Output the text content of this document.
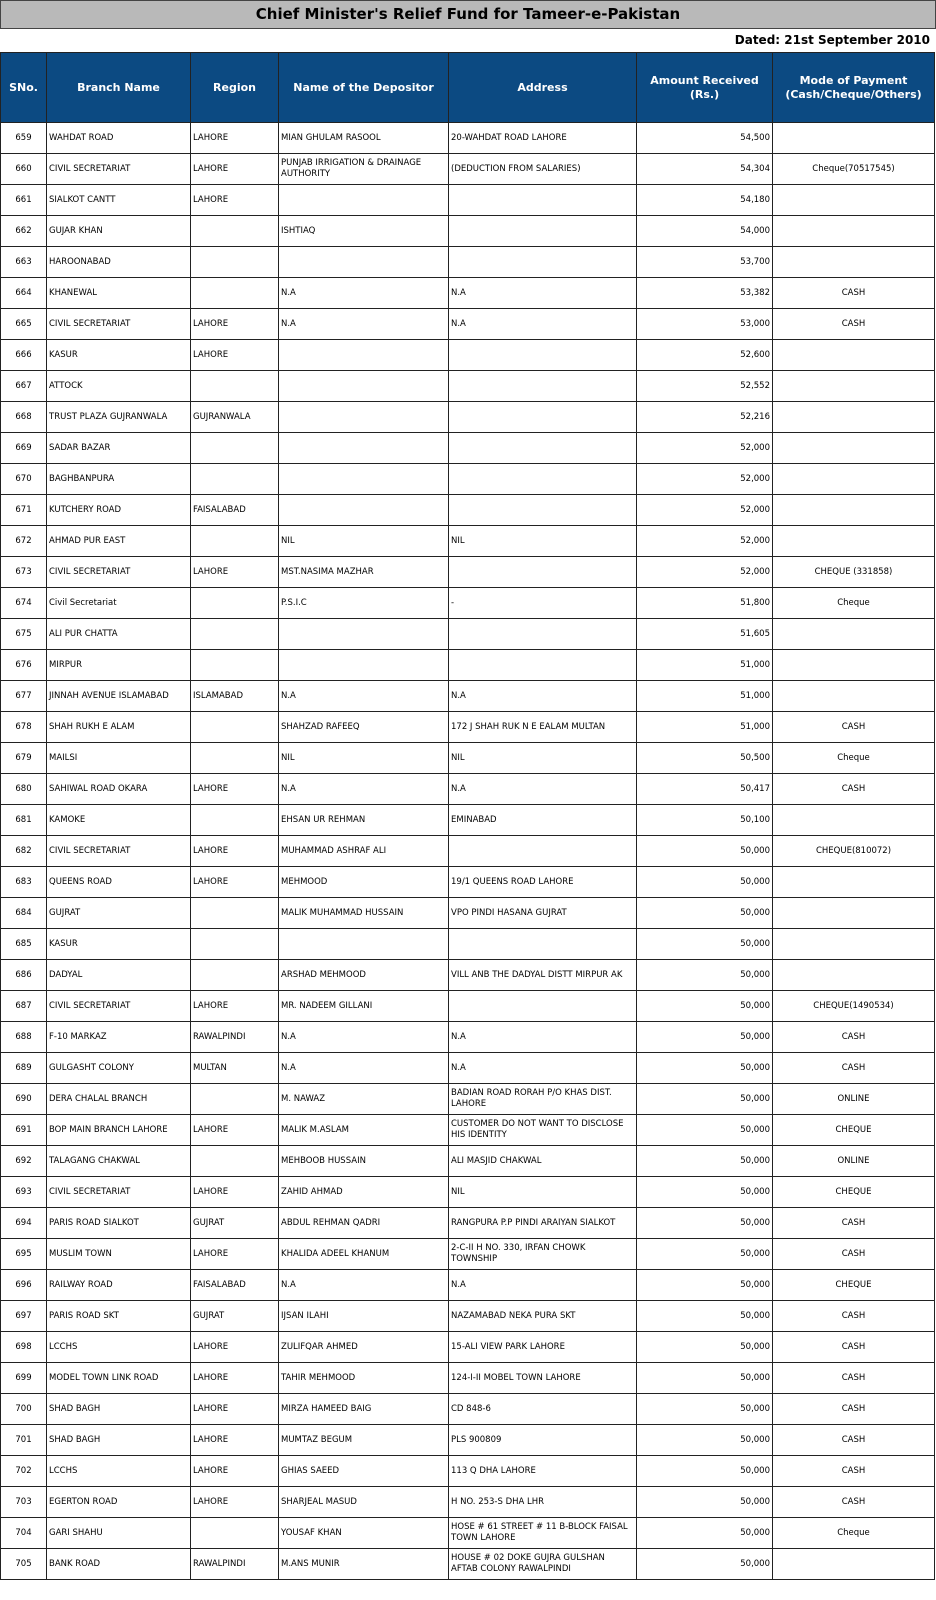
Chief Minister's Relief Fund for Tameer-e-Pakistan
Dated: 21st September 2010
SNo.	Branch Name	Region	Name of the Depositor	Address	Amount Received (Rs.)	Mode of Payment (Cash/Cheque/Others)
659	WAHDAT ROAD	LAHORE	MIAN GHULAM RASOOL	20-WAHDAT ROAD LAHORE	54,500	
660	CIVIL SECRETARIAT	LAHORE	PUNJAB IRRIGATION & DRAINAGE AUTHORITY	(DEDUCTION FROM SALARIES)	54,304	Cheque(70517545)
661	SIALKOT CANTT	LAHORE			54,180	
662	GUJAR KHAN		ISHTIAQ		54,000	
663	HAROONABAD				53,700	
664	KHANEWAL		N.A	N.A	53,382	CASH
665	CIVIL SECRETARIAT	LAHORE	N.A	N.A	53,000	CASH
666	KASUR	LAHORE			52,600	
667	ATTOCK				52,552	
668	TRUST PLAZA GUJRANWALA	GUJRANWALA			52,216	
669	SADAR BAZAR				52,000	
670	BAGHBANPURA				52,000	
671	KUTCHERY ROAD	FAISALABAD			52,000	
672	AHMAD PUR EAST		NIL	NIL	52,000	
673	CIVIL SECRETARIAT	LAHORE	MST.NASIMA MAZHAR		52,000	CHEQUE (331858)
674	Civil Secretariat		P.S.I.C	-	51,800	Cheque
675	ALI PUR CHATTA				51,605	
676	MIRPUR				51,000	
677	JINNAH AVENUE ISLAMABAD	ISLAMABAD	N.A	N.A	51,000	
678	SHAH RUKH E ALAM		SHAHZAD RAFEEQ	172 J SHAH RUK N E EALAM MULTAN	51,000	CASH
679	MAILSI		NIL	NIL	50,500	Cheque
680	SAHIWAL ROAD OKARA	LAHORE	N.A	N.A	50,417	CASH
681	KAMOKE		EHSAN UR REHMAN	EMINABAD	50,100	
682	CIVIL SECRETARIAT	LAHORE	MUHAMMAD ASHRAF ALI		50,000	CHEQUE(810072)
683	QUEENS ROAD	LAHORE	MEHMOOD	19/1 QUEENS ROAD LAHORE	50,000	
684	GUJRAT		MALIK MUHAMMAD HUSSAIN	VPO PINDI HASANA GUJRAT	50,000	
685	KASUR				50,000	
686	DADYAL		ARSHAD MEHMOOD	VILL ANB THE DADYAL DISTT MIRPUR AK	50,000	
687	CIVIL SECRETARIAT	LAHORE	MR. NADEEM GILLANI		50,000	CHEQUE(1490534)
688	F-10 MARKAZ	RAWALPINDI	N.A	N.A	50,000	CASH
689	GULGASHT COLONY	MULTAN	N.A	N.A	50,000	CASH
690	DERA CHALAL BRANCH		M. NAWAZ	BADIAN ROAD RORAH P/O KHAS DIST. LAHORE	50,000	ONLINE
691	BOP MAIN BRANCH LAHORE	LAHORE	MALIK M.ASLAM	CUSTOMER DO NOT WANT TO DISCLOSE HIS IDENTITY	50,000	CHEQUE
692	TALAGANG CHAKWAL		MEHBOOB HUSSAIN	ALI MASJID CHAKWAL	50,000	ONLINE
693	CIVIL SECRETARIAT	LAHORE	ZAHID AHMAD	NIL	50,000	CHEQUE
694	PARIS ROAD SIALKOT	GUJRAT	ABDUL REHMAN QADRI	RANGPURA P.P PINDI ARAIYAN SIALKOT	50,000	CASH
695	MUSLIM TOWN	LAHORE	KHALIDA ADEEL KHANUM	2-C-II H NO. 330, IRFAN CHOWK TOWNSHIP	50,000	CASH
696	RAILWAY ROAD	FAISALABAD	N.A	N.A	50,000	CHEQUE
697	PARIS ROAD SKT	GUJRAT	IJSAN ILAHI	NAZAMABAD NEKA PURA SKT	50,000	CASH
698	LCCHS	LAHORE	ZULIFQAR AHMED	15-ALI VIEW PARK LAHORE	50,000	CASH
699	MODEL TOWN LINK ROAD	LAHORE	TAHIR MEHMOOD	124-I-II MOBEL TOWN LAHORE	50,000	CASH
700	SHAD BAGH	LAHORE	MIRZA HAMEED BAIG	CD 848-6	50,000	CASH
701	SHAD BAGH	LAHORE	MUMTAZ BEGUM	PLS 900809	50,000	CASH
702	LCCHS	LAHORE	GHIAS SAEED	113 Q DHA LAHORE	50,000	CASH
703	EGERTON ROAD	LAHORE	SHARJEAL MASUD	H NO. 253-S DHA LHR	50,000	CASH
704	GARI SHAHU		YOUSAF KHAN	HOSE # 61 STREET # 11 B-BLOCK FAISAL TOWN LAHORE	50,000	Cheque
705	BANK ROAD	RAWALPINDI	M.ANS MUNIR	HOUSE # 02 DOKE GUJRA GULSHAN AFTAB COLONY RAWALPINDI	50,000	
